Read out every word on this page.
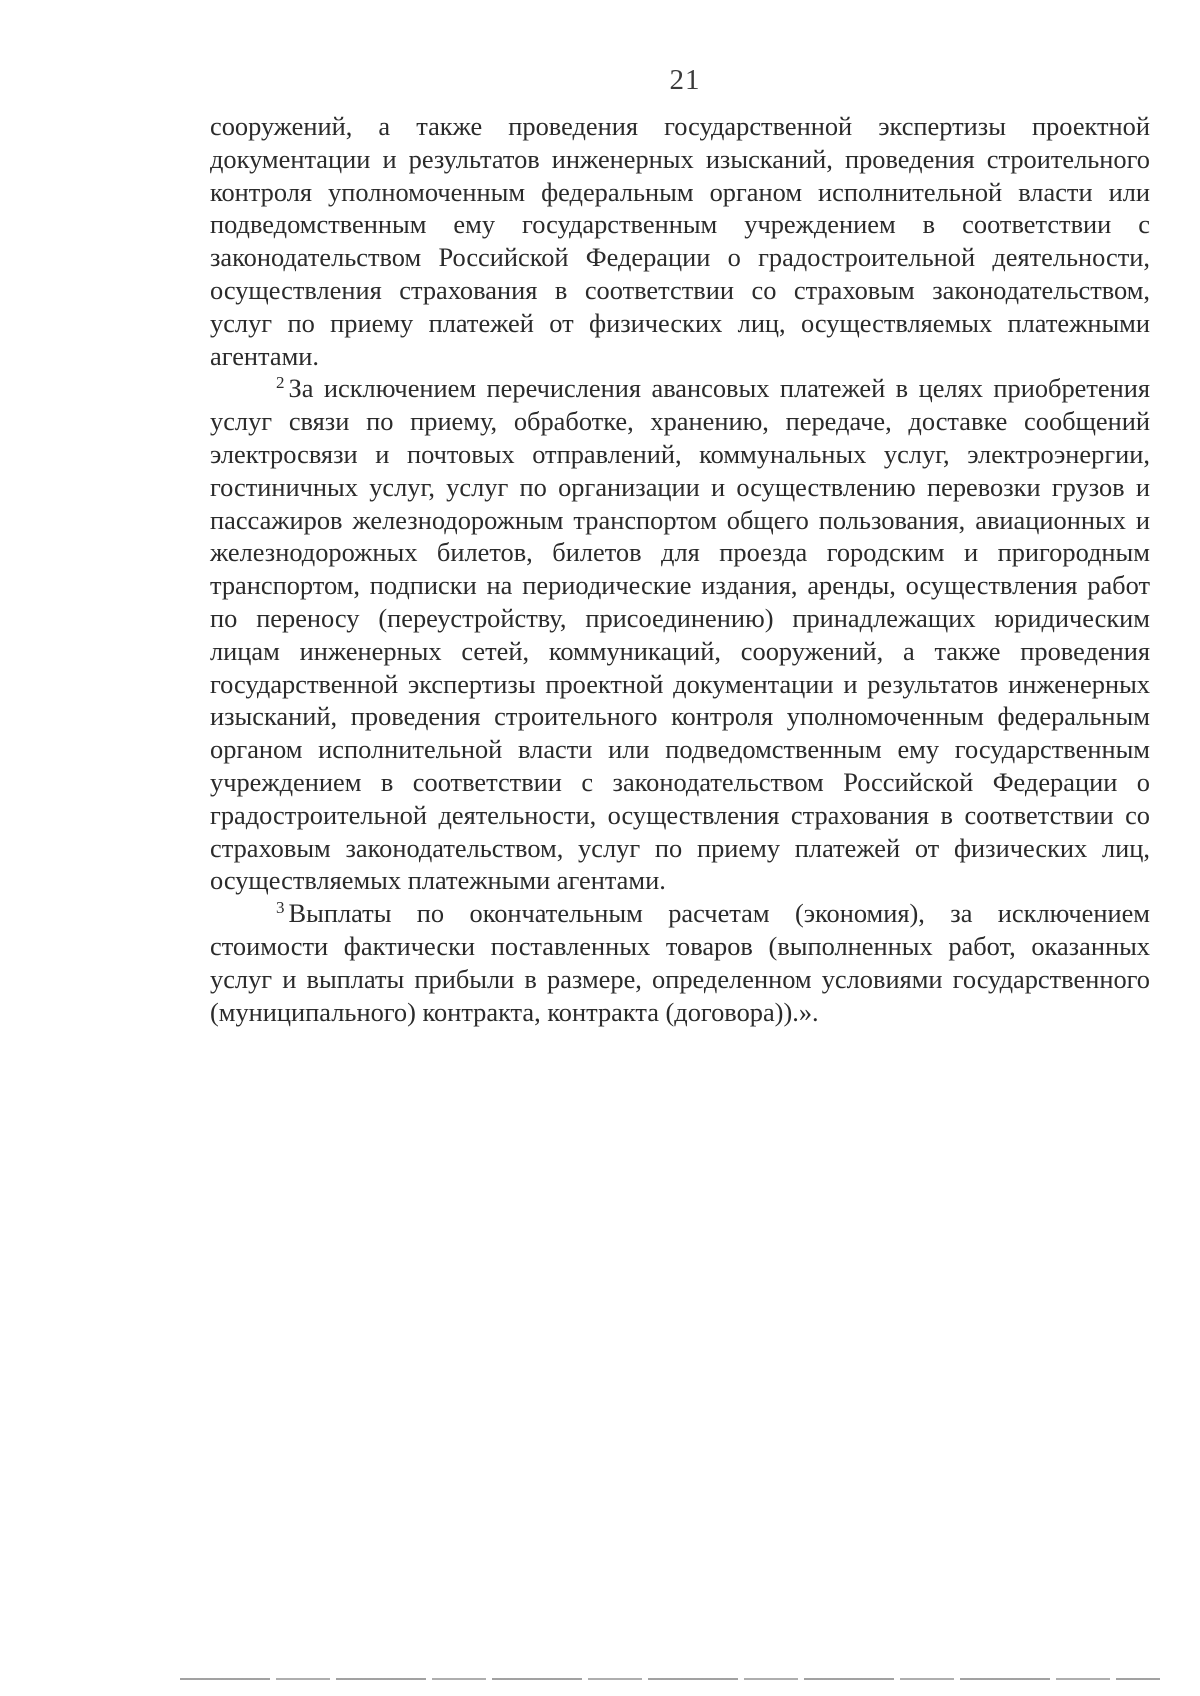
21

сооружений, а также проведения государственной экспертизы проектной документации и результатов инженерных изысканий, проведения строительного контроля уполномоченным федеральным органом исполнительной власти или подведомственным ему государственным учреждением в соответствии с законодательством Российской Федерации о градостроительной деятельности, осуществления страхования в соответствии со страховым законодательством, услуг по приему платежей от физических лиц, осуществляемых платежными агентами.

$^2$ За исключением перечисления авансовых платежей в целях приобретения услуг связи по приему, обработке, хранению, передаче, доставке сообщений электросвязи и почтовых отправлений, коммунальных услуг, электроэнергии, гостиничных услуг, услуг по организации и осуществлению перевозки грузов и пассажиров железнодорожным транспортом общего пользования, авиационных и железнодорожных билетов, билетов для проезда городским и пригородным транспортом, подписки на периодические издания, аренды, осуществления работ по переносу (переустройству, присоединению) принадлежащих юридическим лицам инженерных сетей, коммуникаций, сооружений, а также проведения государственной экспертизы проектной документации и результатов инженерных изысканий, проведения строительного контроля уполномоченным федеральным органом исполнительной власти или подведомственным ему государственным учреждением в соответствии с законодательством Российской Федерации о градостроительной деятельности, осуществления страхования в соответствии со страховым законодательством, услуг по приему платежей от физических лиц, осуществляемых платежными агентами.

$^3$ Выплаты по окончательным расчетам (экономия), за исключением стоимости фактически поставленных товаров (выполненных работ, оказанных услуг и выплаты прибыли в размере, определенном условиями государственного (муниципального) контракта, контракта (договора)).».
